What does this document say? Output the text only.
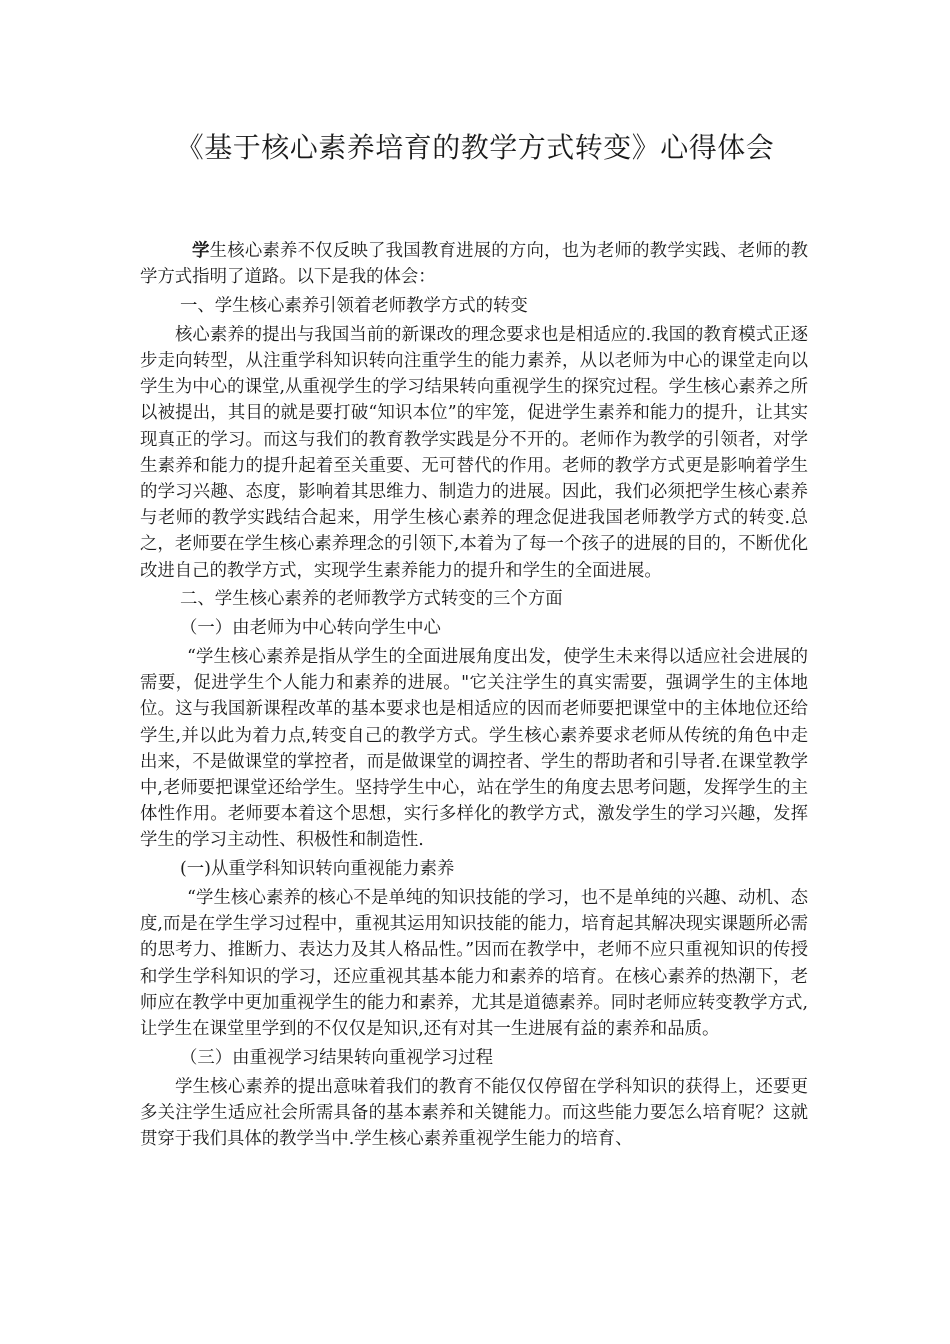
《基于核心素养培育的教学方式转变》心得体会

学生核心素养不仅反映了我国教育进展的方向，也为老师的教学实践、老师的教学方式指明了道路。以下是我的体会：

一、学生核心素养引领着老师教学方式的转变

核心素养的提出与我国当前的新课改的理念要求也是相适应的.我国的教育模式正逐步走向转型，从注重学科知识转向注重学生的能力素养，从以老师为中心的课堂走向以学生为中心的课堂,从重视学生的学习结果转向重视学生的探究过程。学生核心素养之所以被提出，其目的就是要打破“知识本位”的牢笼，促进学生素养和能力的提升，让其实现真正的学习。而这与我们的教育教学实践是分不开的。老师作为教学的引领者，对学生素养和能力的提升起着至关重要、无可替代的作用。老师的教学方式更是影响着学生的学习兴趣、态度，影响着其思维力、制造力的进展。因此，我们必须把学生核心素养与老师的教学实践结合起来，用学生核心素养的理念促进我国老师教学方式的转变.总之，老师要在学生核心素养理念的引领下,本着为了每一个孩子的进展的目的，不断优化改进自己的教学方式，实现学生素养能力的提升和学生的全面进展。

二、学生核心素养的老师教学方式转变的三个方面

（一）由老师为中心转向学生中心

“学生核心素养是指从学生的全面进展角度出发，使学生未来得以适应社会进展的需要，促进学生个人能力和素养的进展。"它关注学生的真实需要，强调学生的主体地位。这与我国新课程改革的基本要求也是相适应的因而老师要把课堂中的主体地位还给学生,并以此为着力点,转变自己的教学方式。学生核心素养要求老师从传统的角色中走出来，不是做课堂的掌控者，而是做课堂的调控者、学生的帮助者和引导者.在课堂教学中,老师要把课堂还给学生。坚持学生中心，站在学生的角度去思考问题，发挥学生的主体性作用。老师要本着这个思想，实行多样化的教学方式，激发学生的学习兴趣，发挥学生的学习主动性、积极性和制造性.

(一)从重学科知识转向重视能力素养

“学生核心素养的核心不是单纯的知识技能的学习，也不是单纯的兴趣、动机、态度,而是在学生学习过程中，重视其运用知识技能的能力，培育起其解决现实课题所必需的思考力、推断力、表达力及其人格品性。”因而在教学中，老师不应只重视知识的传授和学生学科知识的学习，还应重视其基本能力和素养的培育。在核心素养的热潮下，老师应在教学中更加重视学生的能力和素养，尤其是道德素养。同时老师应转变教学方式,让学生在课堂里学到的不仅仅是知识,还有对其一生进展有益的素养和品质。

（三）由重视学习结果转向重视学习过程

学生核心素养的提出意味着我们的教育不能仅仅停留在学科知识的获得上，还要更多关注学生适应社会所需具备的基本素养和关键能力。而这些能力要怎么培育呢？这就贯穿于我们具体的教学当中.学生核心素养重视学生能力的培育、
